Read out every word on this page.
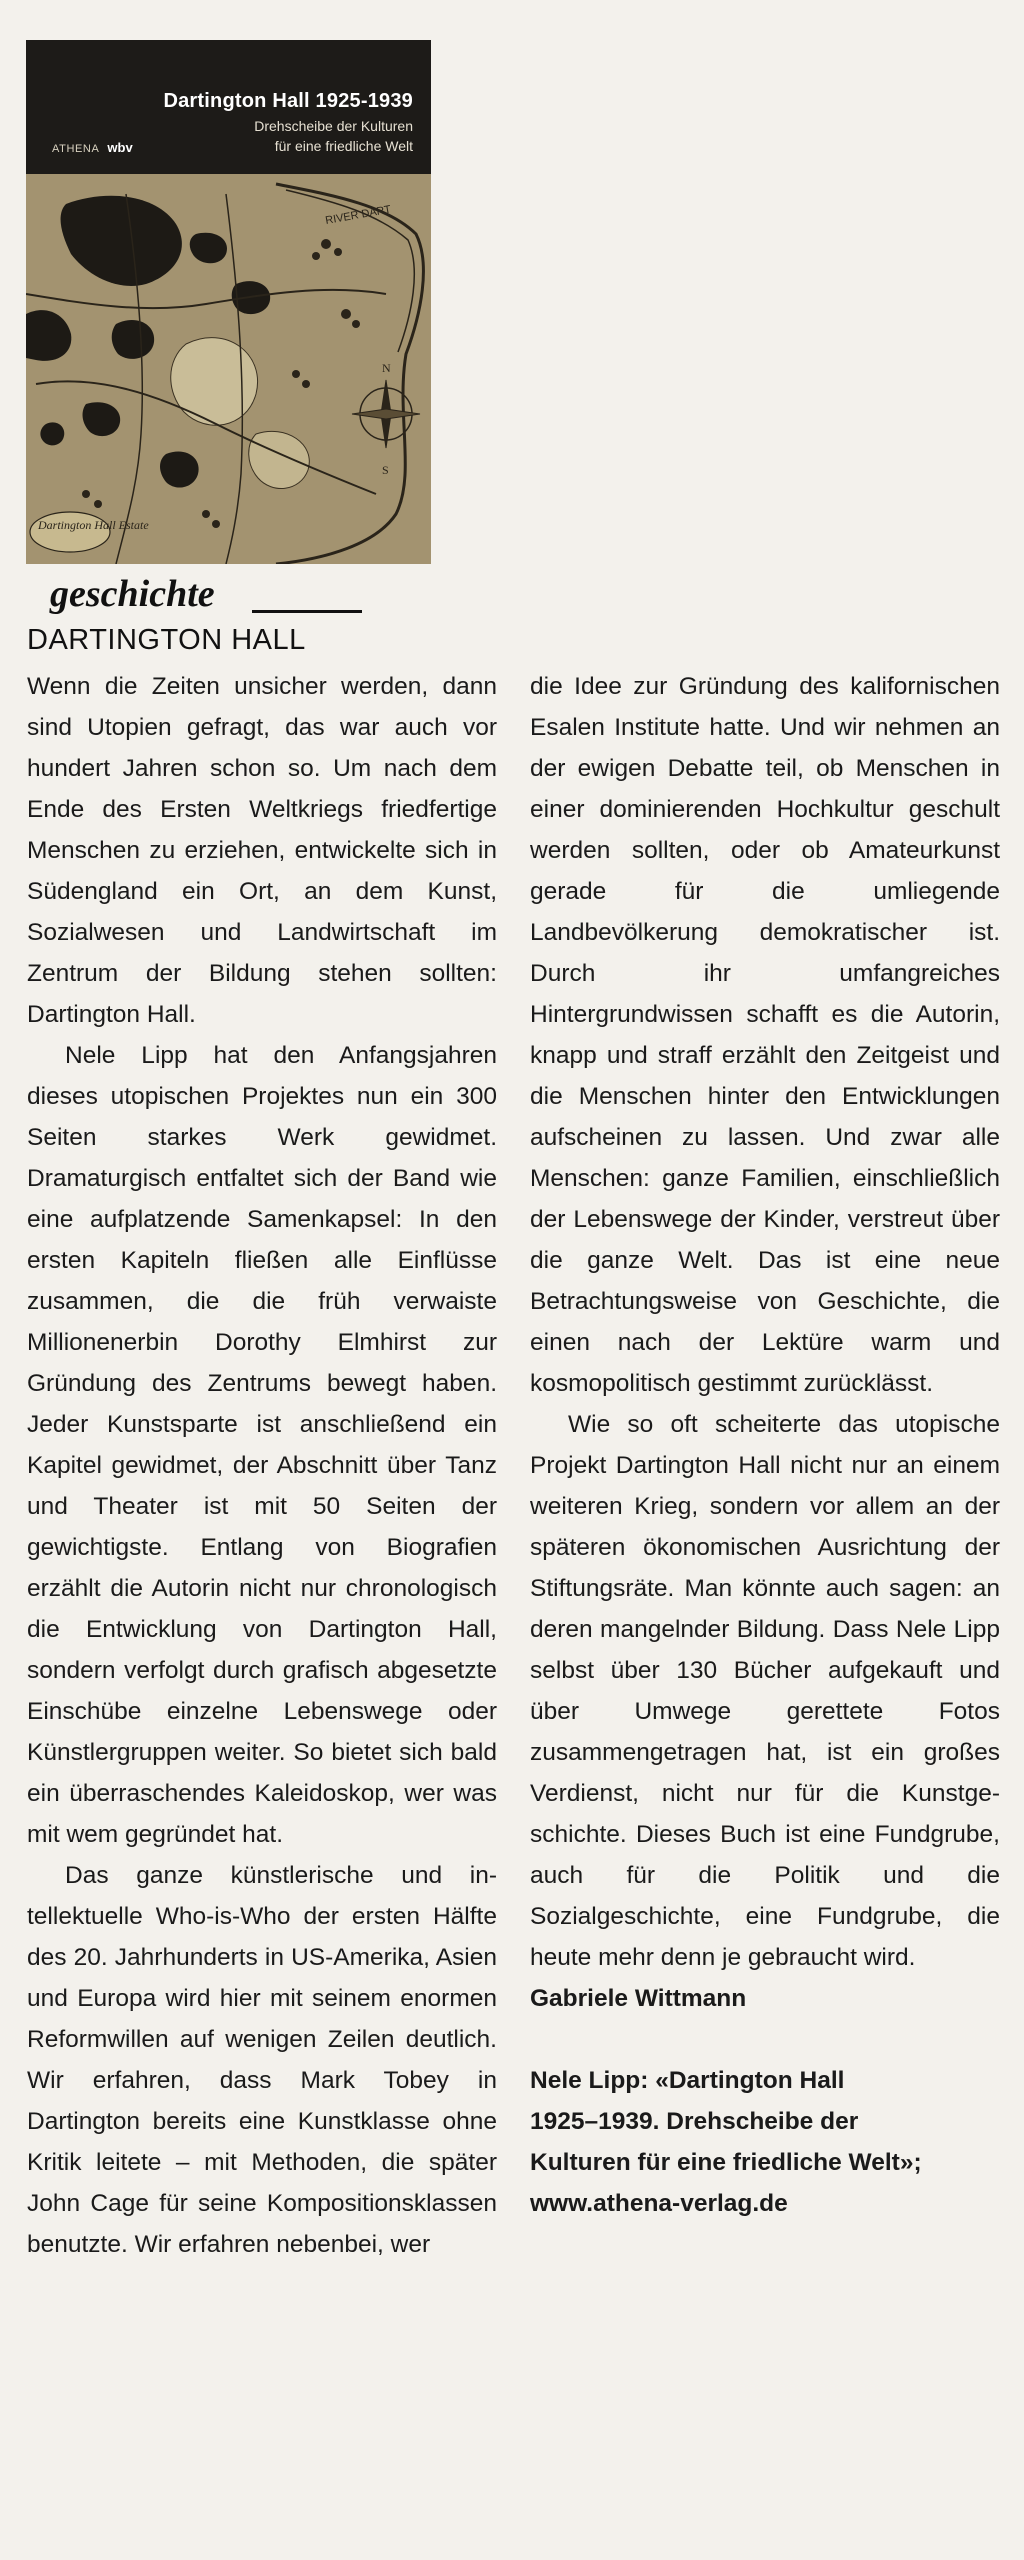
Dartington Hall 1925-1939
Drehscheibe der Kulturen
für eine friedliche Welt
ATHENA wbv
N
S
RIVER DART
Dartington Hall Estate
geschichte
DARTINGTON HALL

Wenn die Zeiten unsicher werden, dann sind Utopien gefragt, das war auch vor hundert Jahren schon so. Um nach dem Ende des Ersten Weltkriegs friedfertige Menschen zu erziehen, entwickelte sich in Südengland ein Ort, an dem Kunst, Sozialwesen und Landwirtschaft im Zentrum der Bildung stehen sollten: Dartington Hall.

Nele Lipp hat den Anfangsjahren dieses utopischen Projektes nun ein 300 Seiten starkes Werk gewidmet. Dramaturgisch entfaltet sich der Band wie eine aufplatzende Samenkapsel: In den ersten Kapiteln fließen alle Einflüsse zusammen, die die früh verwaiste Millionenerbin Dorothy Elmhirst zur Gründung des Zentrums bewegt haben. Jeder Kunstsparte ist anschließend ein Kapitel gewidmet, der Abschnitt über Tanz und Theater ist mit 50 Seiten der gewichtigste. Entlang von Biografien erzählt die Autorin nicht nur chronologisch die Entwicklung von Dartington Hall, sondern verfolgt durch grafisch abgesetzte Einschübe einzelne Lebenswege oder Künstlergruppen weiter. So bietet sich bald ein überraschendes Kaleidoskop, wer was mit wem gegründet hat.

Das ganze künstlerische und intellektuelle Who-is-Who der ersten Hälfte des 20. Jahrhunderts in US-Amerika, Asien und Europa wird hier mit seinem enormen Reformwillen auf wenigen Zeilen deutlich. Wir erfahren, dass Mark Tobey in Dartington bereits eine Kunstklasse ohne Kritik leitete – mit Methoden, die später John Cage für seine Kompositionsklassen benutzte. Wir erfahren nebenbei, wer

die Idee zur Gründung des kalifornischen Esalen Institute hatte. Und wir nehmen an der ewigen Debatte teil, ob Menschen in einer dominierenden Hochkultur geschult werden sollten, oder ob Amateurkunst gerade für die umliegende Landbevölkerung demokratischer ist. Durch ihr umfangreiches Hintergrundwissen schafft es die Autorin, knapp und straff erzählt den Zeitgeist und die Menschen hinter den Entwicklungen aufscheinen zu lassen. Und zwar alle Menschen: ganze Familien, einschließlich der Lebenswege der Kinder, verstreut über die ganze Welt. Das ist eine neue Betrachtungsweise von Geschichte, die einen nach der Lektüre warm und kosmopolitisch gestimmt zurücklässt.

Wie so oft scheiterte das utopische Projekt Dartington Hall nicht nur an einem weiteren Krieg, sondern vor allem an der späteren ökonomischen Ausrichtung der Stiftungsräte. Man könnte auch sagen: an deren mangelnder Bildung. Dass Nele Lipp selbst über 130 Bücher aufgekauft und über Umwege gerettete Fotos zusammengetragen hat, ist ein großes Verdienst, nicht nur für die Kunstgeschichte. Dieses Buch ist eine Fundgrube, auch für die Politik und die Sozialgeschichte, eine Fundgrube, die heute mehr denn je gebraucht wird.

Gabriele Wittmann

Nele Lipp: «Dartington Hall

1925–1939. Drehscheibe der

Kulturen für eine friedliche Welt»;

www.athena-verlag.de
